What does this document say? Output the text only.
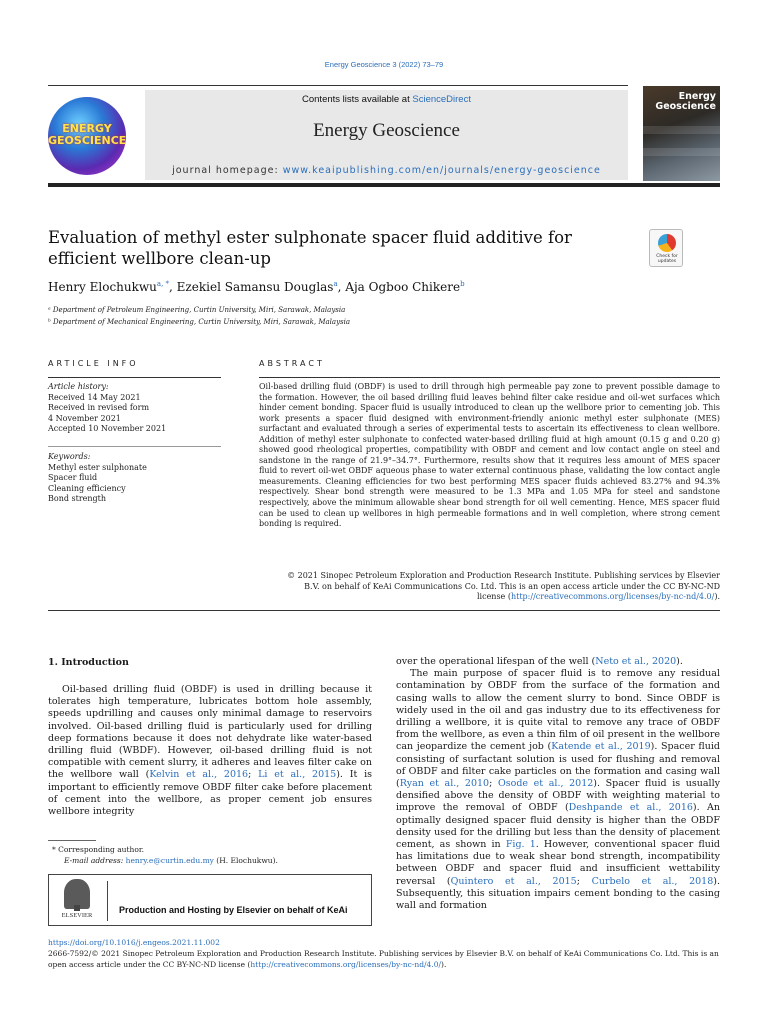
Energy Geoscience 3 (2022) 73–79
ENERGY GEOSCIENCE
Contents lists available at ScienceDirect
Energy Geoscience
journal homepage: www.keaipublishing.com/en/journals/energy-geoscience
Energy
Geoscience
Evaluation of methyl ester sulphonate spacer fluid additive for efficient wellbore clean-up	Check for updates
Henry Elochukwu$^{a, *}$, Ezekiel Samansu Douglas$^a$, Aja Ogboo Chikere$^b$
ᵃ Department of Petroleum Engineering, Curtin University, Miri, Sarawak, Malaysia
ᵇ Department of Mechanical Engineering, Curtin University, Miri, Sarawak, Malaysia
ARTICLE INFO	ABSTRACT
Article history:
Received 14 May 2021
Received in revised form
4 November 2021
Accepted 10 November 2021
Keywords:
Methyl ester sulphonate
Spacer fluid
Cleaning efficiency
Bond strength
Oil-based drilling fluid (OBDF) is used to drill through high permeable pay zone to prevent possible damage to the formation. However, the oil based drilling fluid leaves behind filter cake residue and oil-wet surfaces which hinder cement bonding. Spacer fluid is usually introduced to clean up the wellbore prior to cementing job. This work presents a spacer fluid designed with environment-friendly anionic methyl ester sulphonate (MES) surfactant and evaluated through a series of experimental tests to ascertain its effectiveness to clean wellbore. Addition of methyl ester sulphonate to confected water-based drilling fluid at high amount (0.15 g and 0.20 g) showed good rheological properties, compatibility with OBDF and cement and low contact angle on steel and sandstone in the range of 21.9°–34.7°. Furthermore, results show that it requires less amount of MES spacer fluid to revert oil-wet OBDF aqueous phase to water external continuous phase, validating the low contact angle measurements. Cleaning efficiencies for two best performing MES spacer fluids achieved 83.27% and 94.3% respectively. Shear bond strength were measured to be 1.3 MPa and 1.05 MPa for steel and sandstone respectively, above the minimum allowable shear bond strength for oil well cementing. Hence, MES spacer fluid can be used to clean up wellbores in high permeable formations and in well completion, where strong cement bonding is required.
© 2021 Sinopec Petroleum Exploration and Production Research Institute. Publishing services by Elsevier
B.V. on behalf of KeAi Communications Co. Ltd. This is an open access article under the CC BY-NC-ND
license (http://creativecommons.org/licenses/by-nc-nd/4.0/).
1. Introduction
Oil-based drilling fluid (OBDF) is used in drilling because it tolerates high temperature, lubricates bottom hole assembly, speeds updrilling and causes only minimal damage to reservoirs involved. Oil-based drilling fluid is particularly used for drilling deep formations because it does not dehydrate like water-based drilling fluid (WBDF). However, oil-based drilling fluid is not compatible with cement slurry, it adheres and leaves filter cake on the wellbore wall (Kelvin et al., 2016; Li et al., 2015). It is important to efficiently remove OBDF filter cake before placement of cement into the wellbore, as proper cement job ensures wellbore integrity
over the operational lifespan of the well (Neto et al., 2020).
The main purpose of spacer fluid is to remove any residual contamination by OBDF from the surface of the formation and casing walls to allow the cement slurry to bond. Since OBDF is widely used in the oil and gas industry due to its effectiveness for drilling a wellbore, it is quite vital to remove any trace of OBDF from the wellbore, as even a thin film of oil present in the wellbore can jeopardize the cement job (Katende et al., 2019). Spacer fluid consisting of surfactant solution is used for flushing and removal of OBDF and filter cake particles on the formation and casing wall (Ryan et al., 2010; Osode et al., 2012). Spacer fluid is usually densified above the density of OBDF with weighting material to improve the removal of OBDF (Deshpande et al., 2016). An optimally designed spacer fluid density is higher than the OBDF density used for the drilling but less than the density of placement cement, as shown in Fig. 1. However, conventional spacer fluid has limitations due to weak shear bond strength, incompatibility between OBDF and spacer fluid and insufficient wettability reversal (Quintero et al., 2015; Curbelo et al., 2018). Subsequently, this situation impairs cement bonding to the casing wall and formation
* Corresponding author.
E-mail address: henry.e@curtin.edu.my (H. Elochukwu).
ELSEVIER
Production and Hosting by Elsevier on behalf of KeAi
https://doi.org/10.1016/j.engeos.2021.11.002
2666-7592/© 2021 Sinopec Petroleum Exploration and Production Research Institute. Publishing services by Elsevier B.V. on behalf of KeAi Communications Co. Ltd. This is an
open access article under the CC BY-NC-ND license (http://creativecommons.org/licenses/by-nc-nd/4.0/).
